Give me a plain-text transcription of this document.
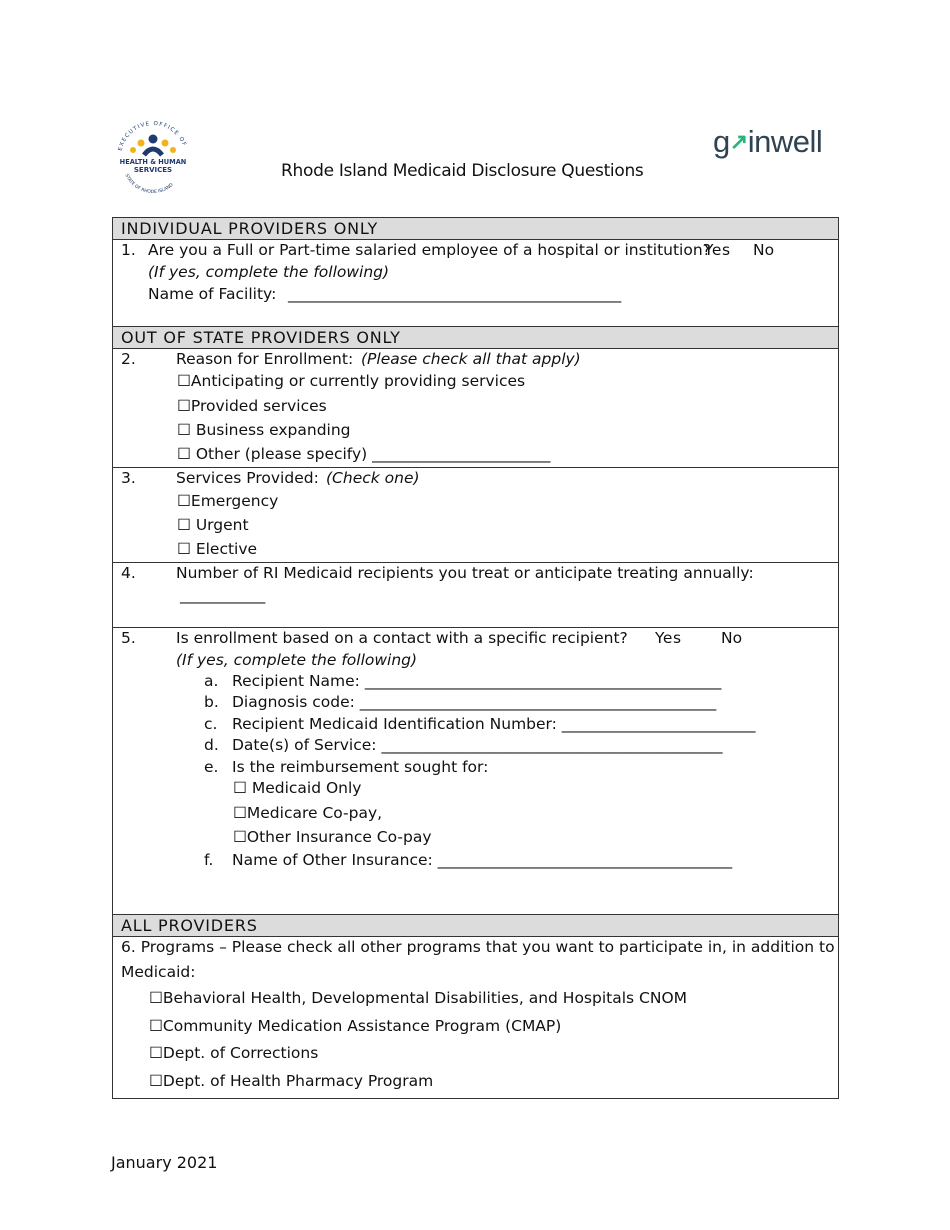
EXECUTIVE OFFICE OF
HEALTH & HUMAN
SERVICES
STATE OF RHODE ISLAND
g↗inwell
Rhode Island Medicaid Disclosure Questions
INDIVIDUAL PROVIDERS ONLY
1. Are you a Full or Part-time salaried employee of a hospital or institution?
Yes No
(If yes, complete the following)
Name of Facility: ___________________________________________
OUT OF STATE PROVIDERS ONLY
2.	Reason for Enrollment: (Please check all that apply)
☐Anticipating or currently providing services
☐Provided services
☐ Business expanding
☐ Other (please specify) _______________________
3.	Services Provided: (Check one)
☐Emergency
☐ Urgent
☐ Elective
4.	Number of RI Medicaid recipients you treat or anticipate treating annually:
___________
5.	Is enrollment based on a contact with a specific recipient? Yes	No
(If yes, complete the following)
a. Recipient Name: ______________________________________________
b. Diagnosis code: ______________________________________________
c. Recipient Medicaid Identification Number: _________________________
d. Date(s) of Service: ____________________________________________
e. Is the reimbursement sought for:
☐ Medicaid Only
☐Medicare Co-pay,
☐Other Insurance Co-pay
f. Name of Other Insurance: ______________________________________
ALL PROVIDERS
6. Programs – Please check all other programs that you want to participate in, in addition to
Medicaid:
☐Behavioral Health, Developmental Disabilities, and Hospitals CNOM
☐Community Medication Assistance Program (CMAP)
☐Dept. of Corrections
☐Dept. of Health Pharmacy Program
January 2021
